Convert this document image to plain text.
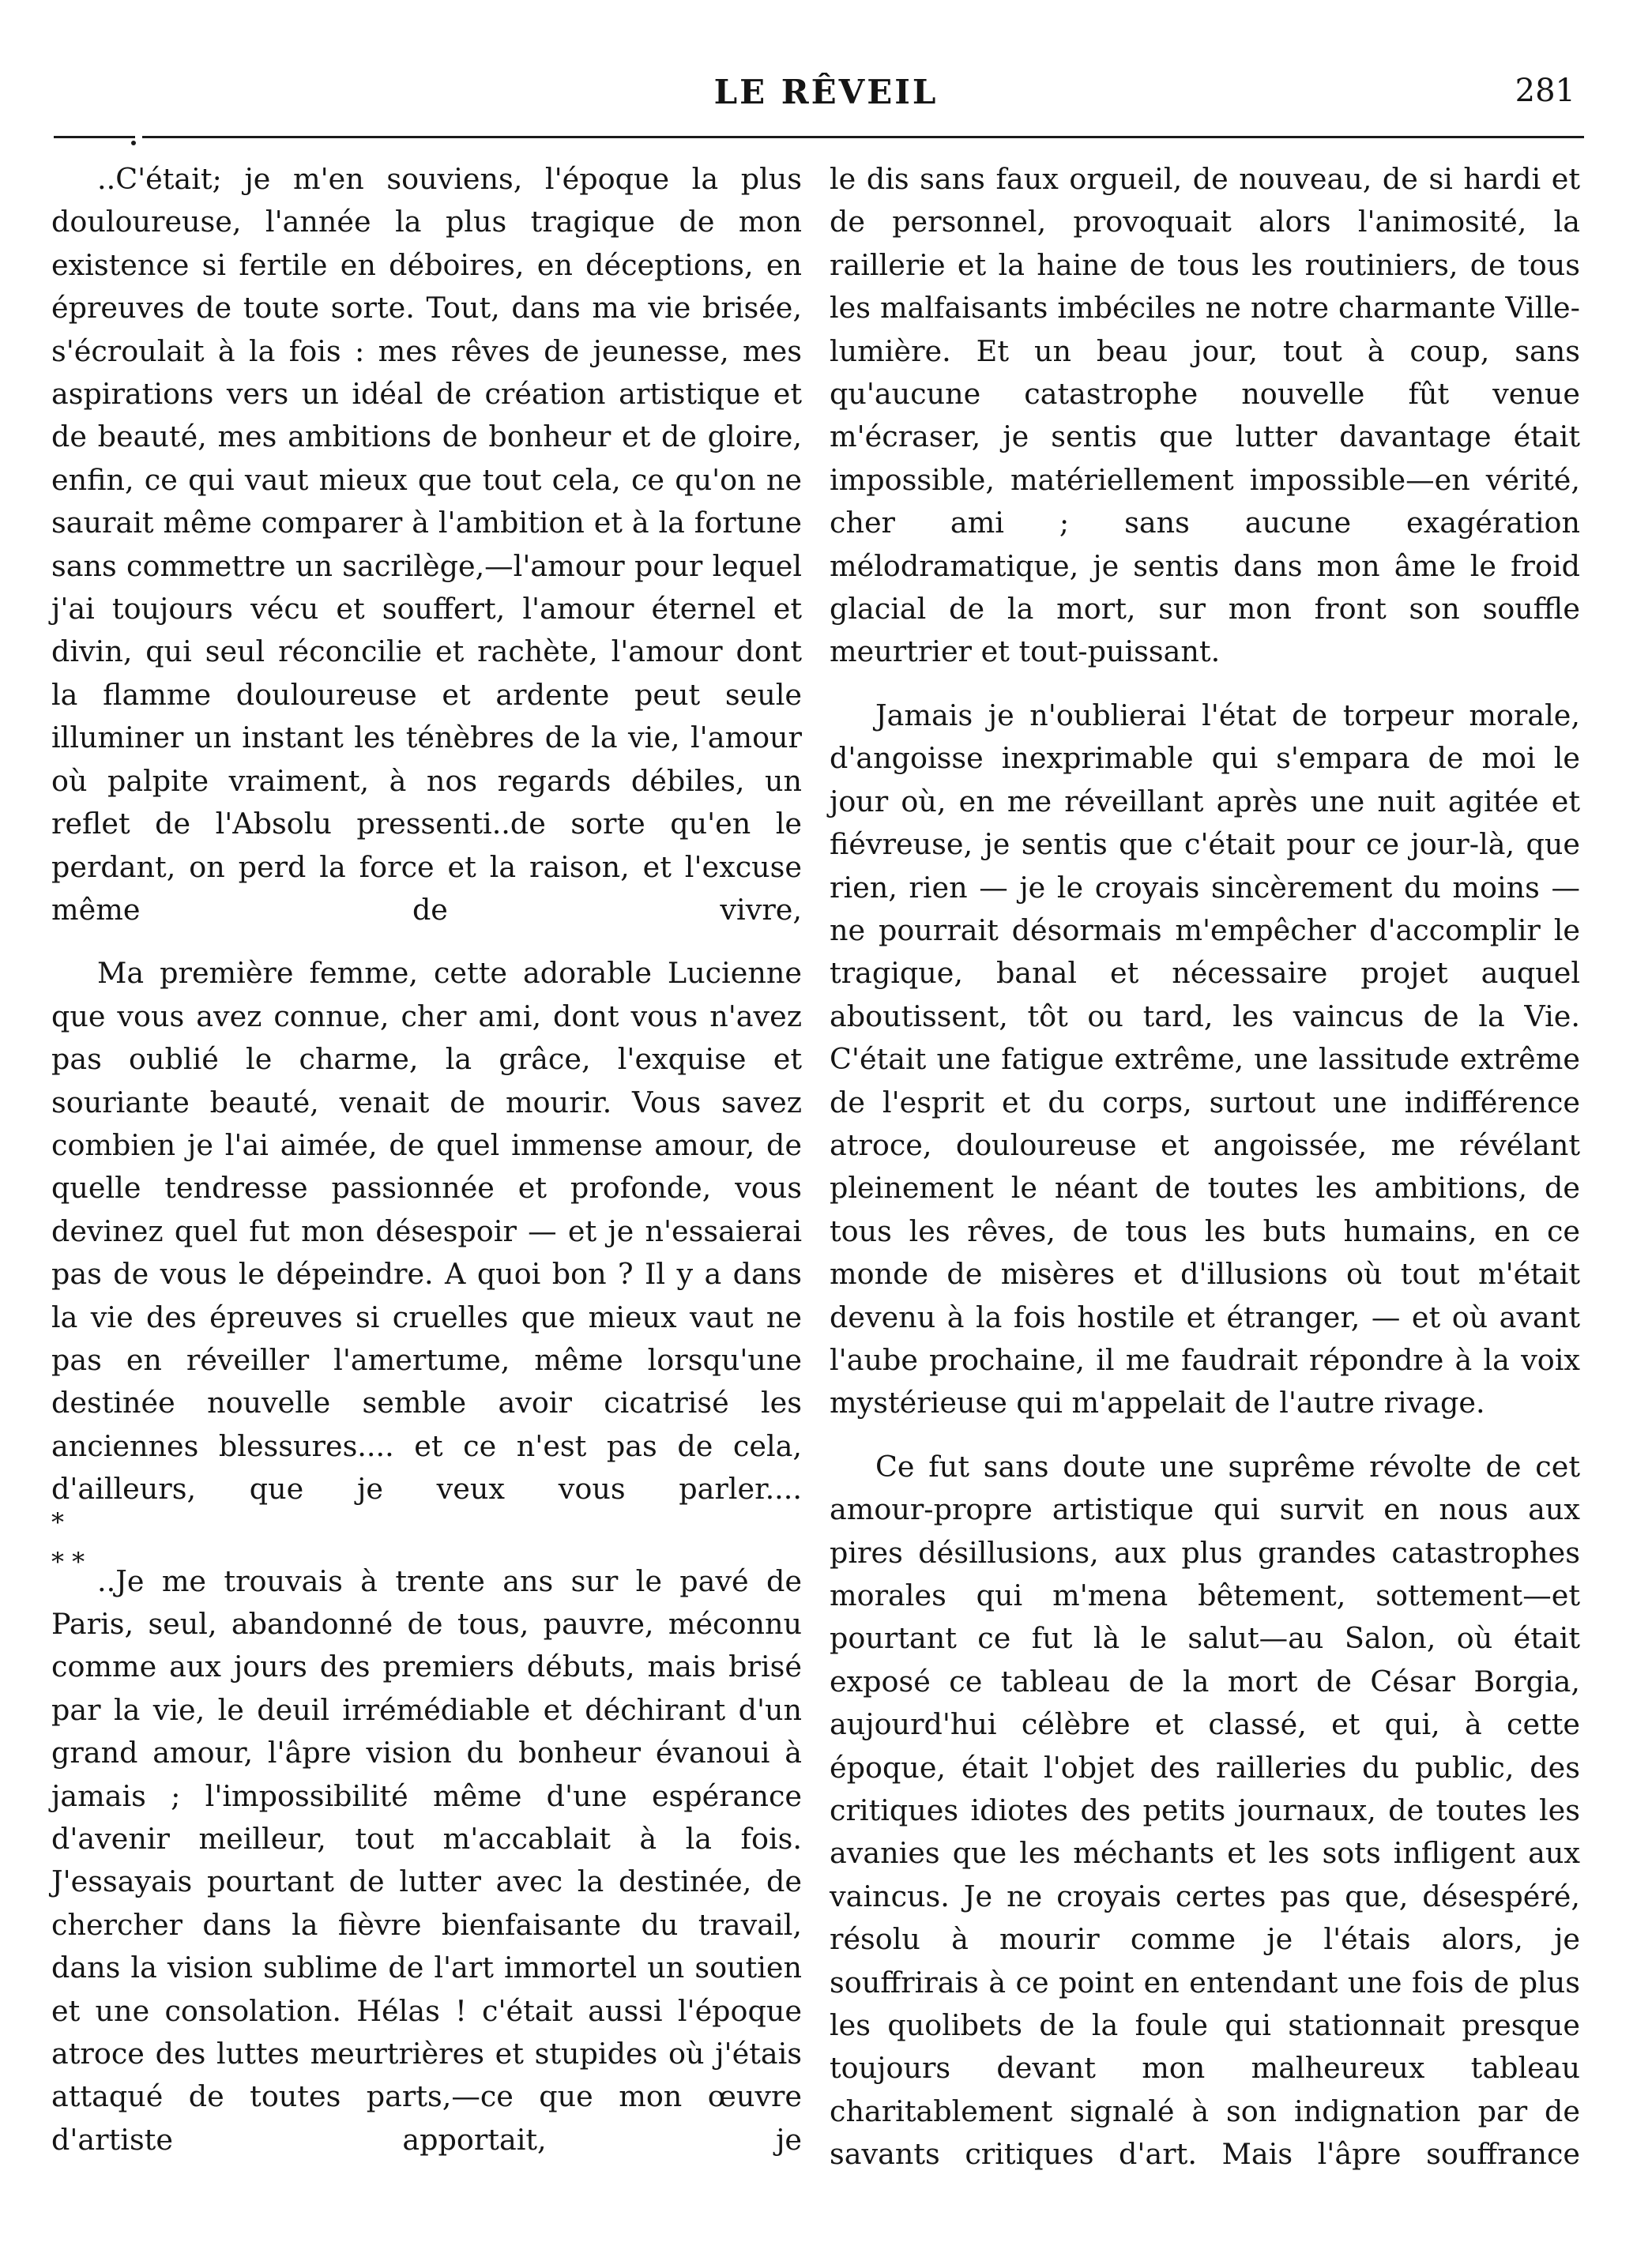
LE RÊVEIL	281

..C'était; je m'en souviens, l'époque la plus douloureuse, l'année la plus tragique de mon existence si fertile en déboires, en déceptions, en épreuves de toute sorte. Tout, dans ma vie brisée, s'écroulait à la fois : mes rêves de jeunesse, mes aspirations vers un idéal de création artistique et de beauté, mes ambitions de bonheur et de gloire, enfin, ce qui vaut mieux que tout cela, ce qu'on ne saurait même comparer à l'ambition et à la fortune sans commettre un sacrilège,—l'amour pour lequel j'ai toujours vécu et souffert, l'amour éternel et divin, qui seul réconcilie et rachète, l'amour dont la flamme douloureuse et ardente peut seule illuminer un instant les ténèbres de la vie, l'amour où palpite vraiment, à nos regards débiles, un reflet de l'Absolu pressenti..de sorte qu'en le perdant, on perd la force et la raison, et l'excuse même de vivre,

Ma première femme, cette adorable Lucienne que vous avez connue, cher ami, dont vous n'avez pas oublié le charme, la grâce, l'exquise et souriante beauté, venait de mourir. Vous savez combien je l'ai aimée, de quel immense amour, de quelle tendresse passionnée et profonde, vous devinez quel fut mon désespoir — et je n'essaierai pas de vous le dépeindre. A quoi bon ? Il y a dans la vie des épreuves si cruelles que mieux vaut ne pas en réveiller l'amertume, même lorsqu'une destinée nouvelle semble avoir cicatrisé les anciennes blessures.... et ce n'est pas de cela, d'ailleurs, que je veux vous parler....

*
* *

..Je me trouvais à trente ans sur le pavé de Paris, seul, abandonné de tous, pauvre, méconnu comme aux jours des premiers débuts, mais brisé par la vie, le deuil irrémédiable et déchirant d'un grand amour, l'âpre vision du bonheur évanoui à jamais ; l'impossibilité même d'une espérance d'avenir meilleur, tout m'accablait à la fois. J'essayais pourtant de lutter avec la destinée, de chercher dans la fièvre bienfaisante du travail, dans la vision sublime de l'art immortel un soutien et une consolation. Hélas ! c'était aussi l'époque atroce des luttes meurtrières et stupides où j'étais attaqué de toutes parts,—ce que mon œuvre d'artiste apportait, je

le dis sans faux orgueil, de nouveau, de si hardi et de personnel, provoquait alors l'animosité, la raillerie et la haine de tous les routiniers, de tous les malfaisants imbéciles ne notre charmante Ville-lumière. Et un beau jour, tout à coup, sans qu'aucune catastrophe nouvelle fût venue m'écraser, je sentis que lutter davantage était impossible, matériellement impossible—en vérité, cher ami ; sans aucune exagération mélodramatique, je sentis dans mon âme le froid glacial de la mort, sur mon front son souffle meurtrier et tout-puissant.

Jamais je n'oublierai l'état de torpeur morale, d'angoisse inexprimable qui s'empara de moi le jour où, en me réveillant après une nuit agitée et fiévreuse, je sentis que c'était pour ce jour-là, que rien, rien — je le croyais sincèrement du moins — ne pourrait désormais m'empêcher d'accomplir le tragique, banal et nécessaire projet auquel aboutissent, tôt ou tard, les vaincus de la Vie. C'était une fatigue extrême, une lassitude extrême de l'esprit et du corps, surtout une indifférence atroce, douloureuse et angoissée, me révélant pleinement le néant de toutes les ambitions, de tous les rêves, de tous les buts humains, en ce monde de misères et d'illusions où tout m'était devenu à la fois hostile et étranger, — et où avant l'aube prochaine, il me faudrait répondre à la voix mystérieuse qui m'appelait de l'autre rivage.

Ce fut sans doute une suprême révolte de cet amour-propre artistique qui survit en nous aux pires désillusions, aux plus grandes catastrophes morales qui m'mena bêtement, sottement—et pourtant ce fut là le salut—au Salon, où était exposé ce tableau de la mort de César Borgia, aujourd'hui célèbre et classé, et qui, à cette époque, était l'objet des railleries du public, des critiques idiotes des petits journaux, de toutes les avanies que les méchants et les sots infligent aux vaincus. Je ne croyais certes pas que, désespéré, résolu à mourir comme je l'étais alors, je souffrirais à ce point en entendant une fois de plus les quolibets de la foule qui stationnait presque toujours devant mon malheureux tableau charitablement signalé à son indignation par de savants critiques d'art. Mais l'âpre souffrance
